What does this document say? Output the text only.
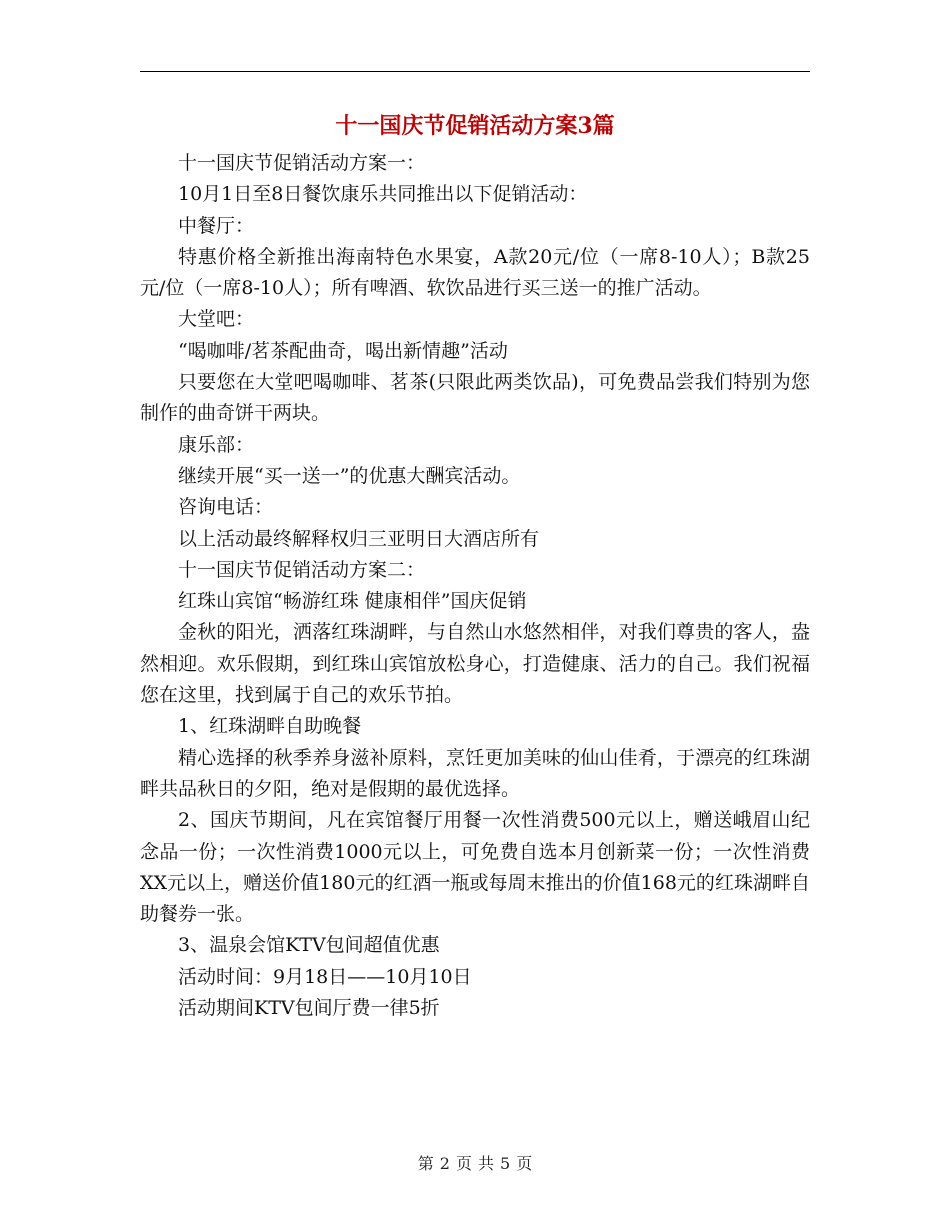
十一国庆节促销活动方案3篇

十一国庆节促销活动方案一：

10月1日至8日餐饮康乐共同推出以下促销活动：

中餐厅：

特惠价格全新推出海南特色水果宴，A款20元/位（一席8-10人）；B款25元/位（一席8-10人）；所有啤酒、软饮品进行买三送一的推广活动。

大堂吧：

“喝咖啡/茗茶配曲奇，喝出新情趣”活动

只要您在大堂吧喝咖啡、茗茶(只限此两类饮品)，可免费品尝我们特别为您制作的曲奇饼干两块。

康乐部：

继续开展“买一送一”的优惠大酬宾活动。

咨询电话：

以上活动最终解释权归三亚明日大酒店所有

十一国庆节促销活动方案二：

红珠山宾馆“畅游红珠 健康相伴”国庆促销

金秋的阳光，洒落红珠湖畔，与自然山水悠然相伴，对我们尊贵的客人，盎然相迎。欢乐假期，到红珠山宾馆放松身心，打造健康、活力的自己。我们祝福您在这里，找到属于自己的欢乐节拍。

1、红珠湖畔自助晚餐

精心选择的秋季养身滋补原料，烹饪更加美味的仙山佳肴，于漂亮的红珠湖畔共品秋日的夕阳，绝对是假期的最优选择。

2、国庆节期间，凡在宾馆餐厅用餐一次性消费500元以上，赠送峨眉山纪念品一份；一次性消费1000元以上，可免费自选本月创新菜一份；一次性消费XX元以上，赠送价值180元的红酒一瓶或每周末推出的价值168元的红珠湖畔自助餐券一张。

3、温泉会馆KTV包间超值优惠

活动时间：9月18日——10月10日

活动期间KTV包间厅费一律5折

第 2 页 共 5 页
